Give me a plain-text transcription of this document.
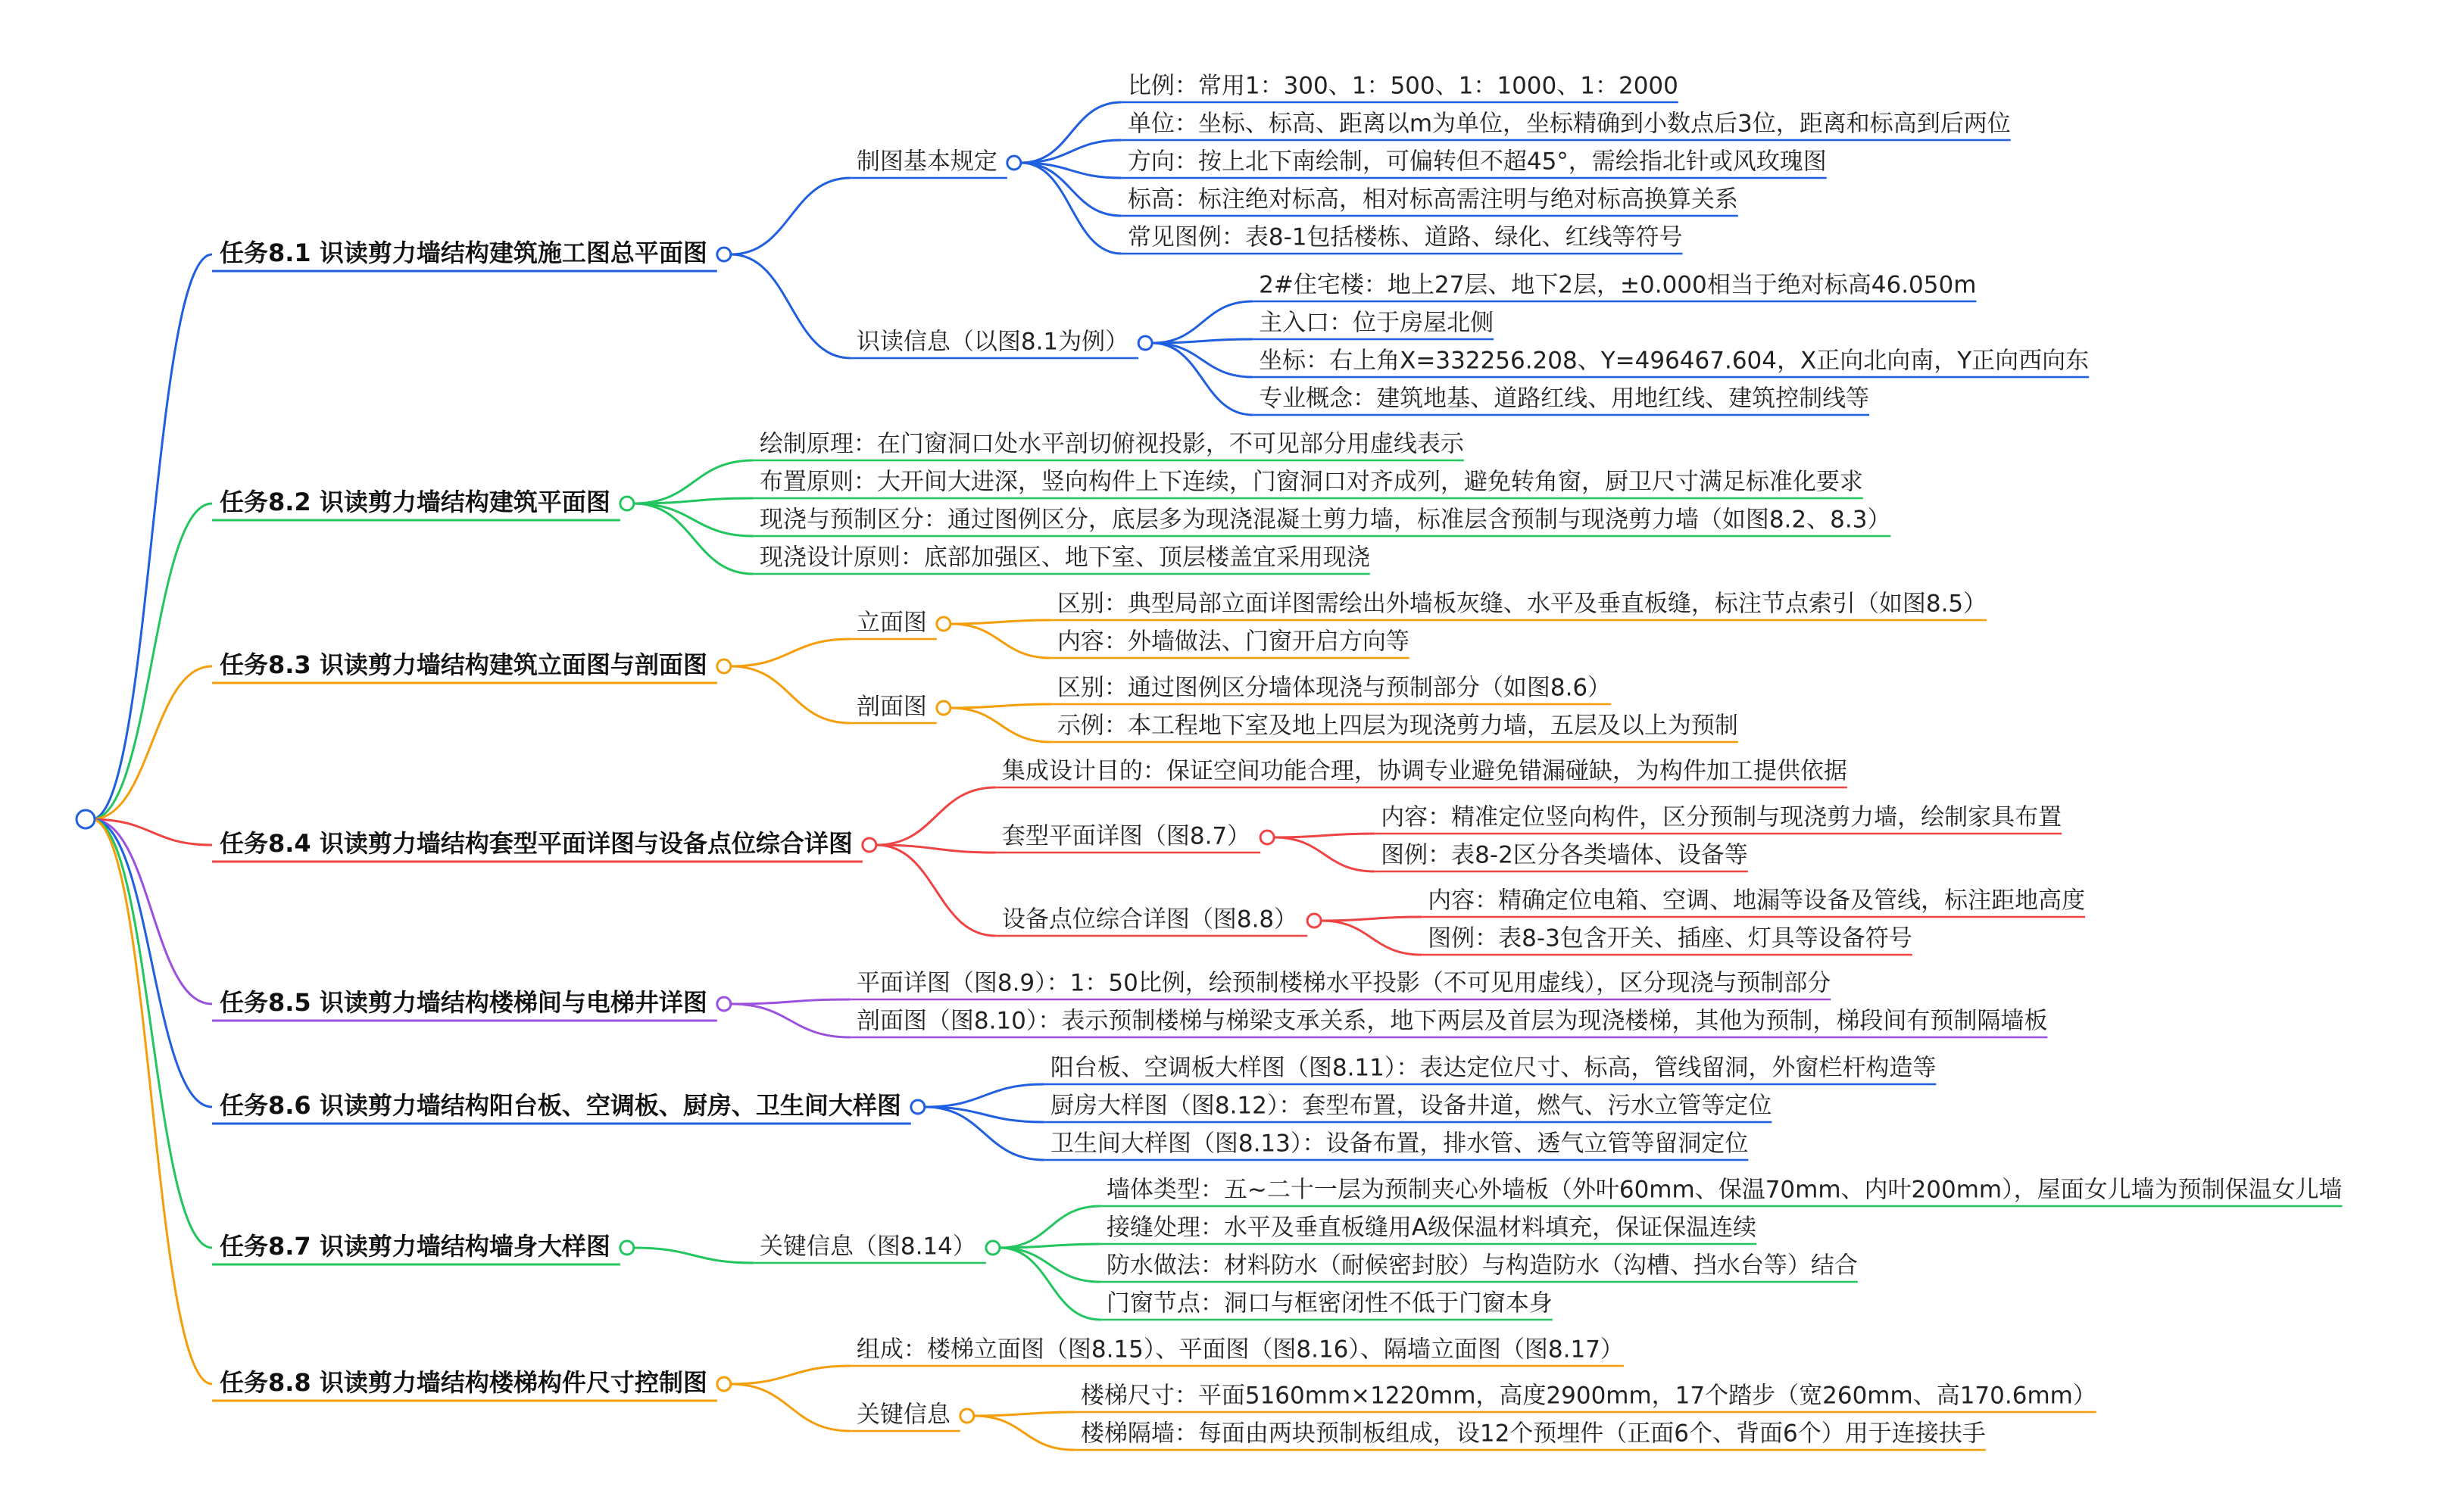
任务8.1 识读剪力墙结构建筑施工图总平面图
制图基本规定
比例：常用1：300、1：500、1：1000、1：2000
单位：坐标、标高、距离以m为单位，坐标精确到小数点后3位，距离和标高到后两位
方向：按上北下南绘制，可偏转但不超45°，需绘指北针或风玫瑰图
标高：标注绝对标高，相对标高需注明与绝对标高换算关系
常见图例：表8-1包括楼栋、道路、绿化、红线等符号
识读信息（以图8.1为例）
2#住宅楼：地上27层、地下2层，±0.000相当于绝对标高46.050m
主入口：位于房屋北侧
坐标：右上角X=332256.208、Y=496467.604，X正向北向南，Y正向西向东
专业概念：建筑地基、道路红线、用地红线、建筑控制线等
任务8.2 识读剪力墙结构建筑平面图
绘制原理：在门窗洞口处水平剖切俯视投影，不可见部分用虚线表示
布置原则：大开间大进深，竖向构件上下连续，门窗洞口对齐成列，避免转角窗，厨卫尺寸满足标准化要求
现浇与预制区分：通过图例区分，底层多为现浇混凝土剪力墙，标准层含预制与现浇剪力墙（如图8.2、8.3）
现浇设计原则：底部加强区、地下室、顶层楼盖宜采用现浇
任务8.3 识读剪力墙结构建筑立面图与剖面图
立面图
区别：典型局部立面详图需绘出外墙板灰缝、水平及垂直板缝，标注节点索引（如图8.5）
内容：外墙做法、门窗开启方向等
剖面图
区别：通过图例区分墙体现浇与预制部分（如图8.6）
示例：本工程地下室及地上四层为现浇剪力墙，五层及以上为预制
任务8.4 识读剪力墙结构套型平面详图与设备点位综合详图
集成设计目的：保证空间功能合理，协调专业避免错漏碰缺，为构件加工提供依据
套型平面详图（图8.7）
内容：精准定位竖向构件，区分预制与现浇剪力墙，绘制家具布置
图例：表8-2区分各类墙体、设备等
设备点位综合详图（图8.8）
内容：精确定位电箱、空调、地漏等设备及管线，标注距地高度
图例：表8-3包含开关、插座、灯具等设备符号
任务8.5 识读剪力墙结构楼梯间与电梯井详图
平面详图（图8.9）：1：50比例，绘预制楼梯水平投影（不可见用虚线），区分现浇与预制部分
剖面图（图8.10）：表示预制楼梯与梯梁支承关系，地下两层及首层为现浇楼梯，其他为预制，梯段间有预制隔墙板
任务8.6 识读剪力墙结构阳台板、空调板、厨房、卫生间大样图
阳台板、空调板大样图（图8.11）：表达定位尺寸、标高，管线留洞，外窗栏杆构造等
厨房大样图（图8.12）：套型布置，设备井道，燃气、污水立管等定位
卫生间大样图（图8.13）：设备布置，排水管、透气立管等留洞定位
任务8.7 识读剪力墙结构墙身大样图	关键信息（图8.14）
墙体类型：五~二十一层为预制夹心外墙板（外叶60mm、保温70mm、内叶200mm），屋面女儿墙为预制保温女儿墙
接缝处理：水平及垂直板缝用A级保温材料填充，保证保温连续
防水做法：材料防水（耐候密封胶）与构造防水（沟槽、挡水台等）结合
门窗节点：洞口与框密闭性不低于门窗本身
任务8.8 识读剪力墙结构楼梯构件尺寸控制图
组成：楼梯立面图（图8.15）、平面图（图8.16）、隔墙立面图（图8.17）
关键信息
楼梯尺寸：平面5160mm×1220mm，高度2900mm，17个踏步（宽260mm、高170.6mm）
楼梯隔墙：每面由两块预制板组成，设12个预埋件（正面6个、背面6个）用于连接扶手
